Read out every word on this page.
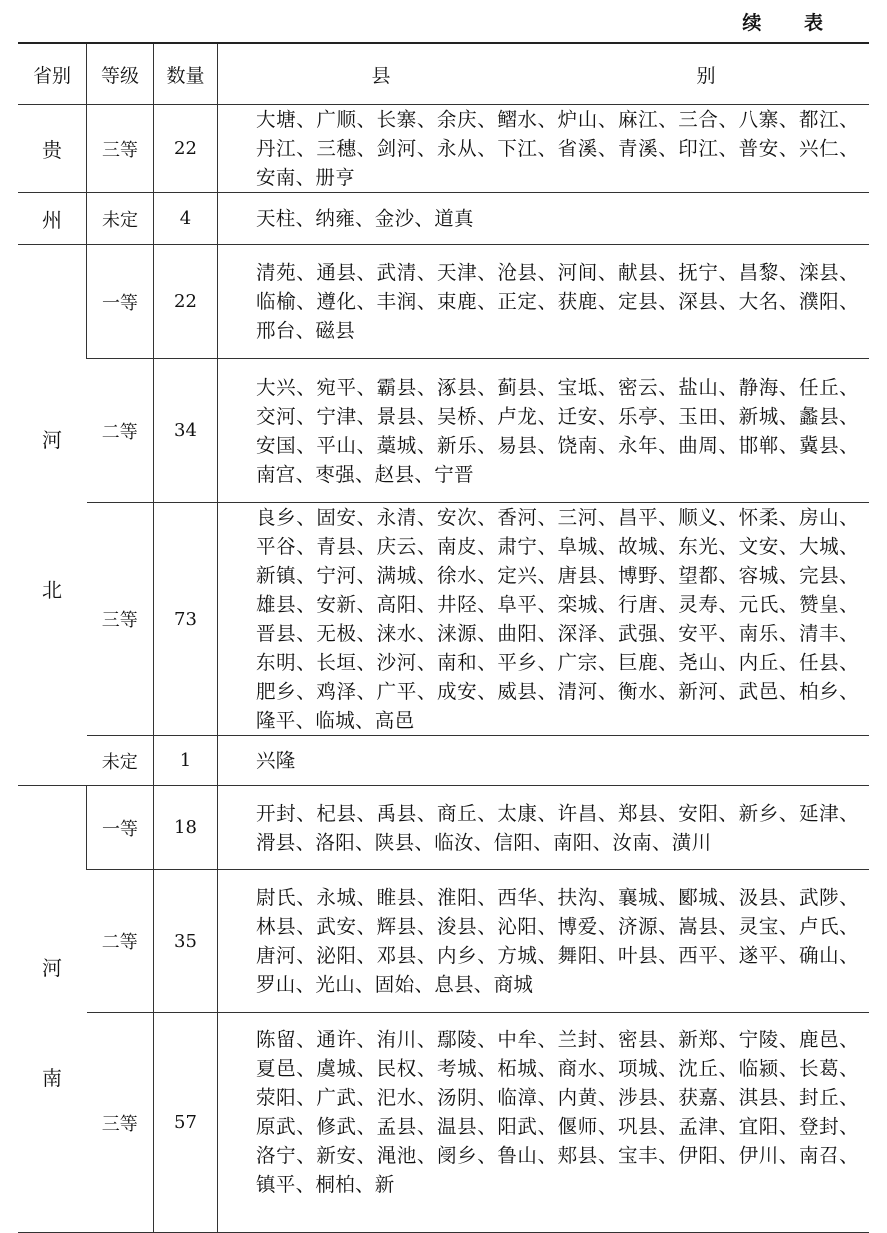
续 表
省别	等级	数量	县 别
贵	三等	22	大塘、广顺、长寨、余庆、鳛水、炉山、麻江、三合、八寨、都江、丹江、三穗、剑河、永从、下江、省溪、青溪、印江、普安、兴仁、安南、册亨
州	未定	4	天柱、纳雍、金沙、道真

河
北	一等	22	清苑、通县、武清、天津、沧县、河间、献县、抚宁、昌黎、滦县、临榆、遵化、丰润、束鹿、正定、获鹿、定县、深县、大名、濮阳、邢台、磁县
	二等	34	大兴、宛平、霸县、涿县、蓟县、宝坻、密云、盐山、静海、任丘、交河、宁津、景县、吴桥、卢龙、迁安、乐亭、玉田、新城、蠡县、安国、平山、藁城、新乐、易县、饶南、永年、曲周、邯郸、冀县、南宫、枣强、赵县、宁晋
	三等	73	良乡、固安、永清、安次、香河、三河、昌平、顺义、怀柔、房山、平谷、青县、庆云、南皮、肃宁、阜城、故城、东光、文安、大城、新镇、宁河、满城、徐水、定兴、唐县、博野、望都、容城、完县、雄县、安新、高阳、井陉、阜平、栾城、行唐、灵寿、元氏、赞皇、晋县、无极、涞水、涞源、曲阳、深泽、武强、安平、南乐、清丰、东明、长垣、沙河、南和、平乡、广宗、巨鹿、尧山、内丘、任县、肥乡、鸡泽、广平、成安、威县、清河、衡水、新河、武邑、柏乡、隆平、临城、高邑
	未定	1	兴隆

河
南	一等	18	开封、杞县、禹县、商丘、太康、许昌、郑县、安阳、新乡、延津、滑县、洛阳、陕县、临汝、信阳、南阳、汝南、潢川
	二等	35	尉氏、永城、睢县、淮阳、西华、扶沟、襄城、郾城、汲县、武陟、林县、武安、辉县、浚县、沁阳、博爱、济源、嵩县、灵宝、卢氏、唐河、泌阳、邓县、内乡、方城、舞阳、叶县、西平、遂平、确山、罗山、光山、固始、息县、商城
	三等	57	陈留、通许、洧川、鄢陵、中牟、兰封、密县、新郑、宁陵、鹿邑、夏邑、虞城、民权、考城、柘城、商水、项城、沈丘、临颍、长葛、荥阳、广武、汜水、汤阴、临漳、内黄、涉县、获嘉、淇县、封丘、原武、修武、孟县、温县、阳武、偃师、巩县、孟津、宜阳、登封、洛宁、新安、渑池、阌乡、鲁山、郏县、宝丰、伊阳、伊川、南召、镇平、桐柏、新
